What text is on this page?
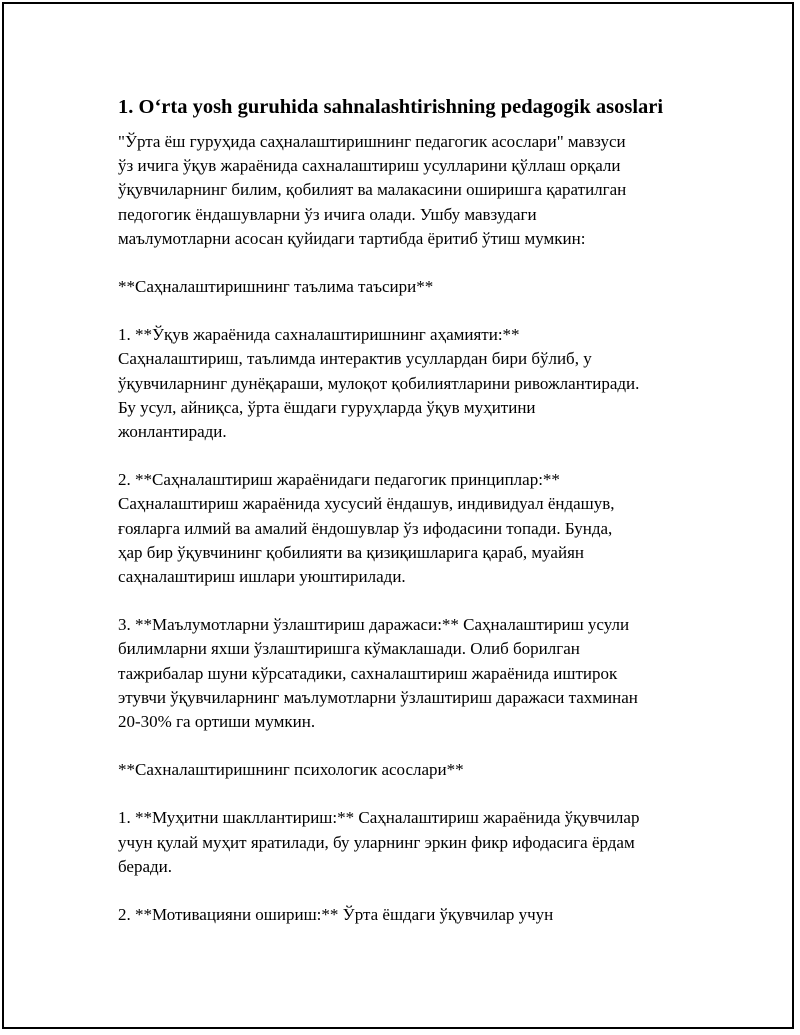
1. Oʻrta yosh guruhida sahnalashtirishning pedagogik asoslari
"Ўрта ёш гуруҳида саҳналаштиришнинг педагогик асослари" мавзуси
ўз ичига ўқув жараёнида сахналаштириш усулларини қўллаш орқали
ўқувчиларнинг билим, қобилият ва малакасини оширишга қаратилган
педогогик ёндашувларни ўз ичига олади. Ушбу мавзудаги
маълумотларни асосан қуйидаги тартибда ёритиб ўтиш мумкин:
**Саҳналаштиришнинг таълима таъсири**
1. **Ўқув жараёнида сахналаштиришнинг аҳамияти:**
Саҳналаштириш, таълимда интерактив усуллардан бири бўлиб, у
ўқувчиларнинг дунёқараши, мулоқот қобилиятларини ривожлантиради.
Бу усул, айниқса, ўрта ёшдаги гуруҳларда ўқув муҳитини
жонлантиради.
2. **Саҳналаштириш жараёнидаги педагогик принциплар:**
Саҳналаштириш жараёнида хусусий ёндашув, индивидуал ёндашув,
ғояларга илмий ва амалий ёндошувлар ўз ифодасини топади. Бунда,
ҳар бир ўқувчининг қобилияти ва қизиқишларига қараб, муайян
саҳналаштириш ишлари уюштирилади.
3. **Маълумотларни ўзлаштириш даражаси:** Саҳналаштириш усули
билимларни яхши ўзлаштиришга кўмаклашади. Олиб борилган
тажрибалар шуни кўрсатадики, сахналаштириш жараёнида иштирок
этувчи ўқувчиларнинг маълумотларни ўзлаштириш даражаси тахминан
20-30% га ортиши мумкин.
**Сахналаштиришнинг психологик асослари**
1. **Муҳитни шакллантириш:** Саҳналаштириш жараёнида ўқувчилар
учун қулай муҳит яратилади, бу уларнинг эркин фикр ифодасига ёрдам
беради.
2. **Мотивацияни ошириш:** Ўрта ёшдаги ўқувчилар учун
